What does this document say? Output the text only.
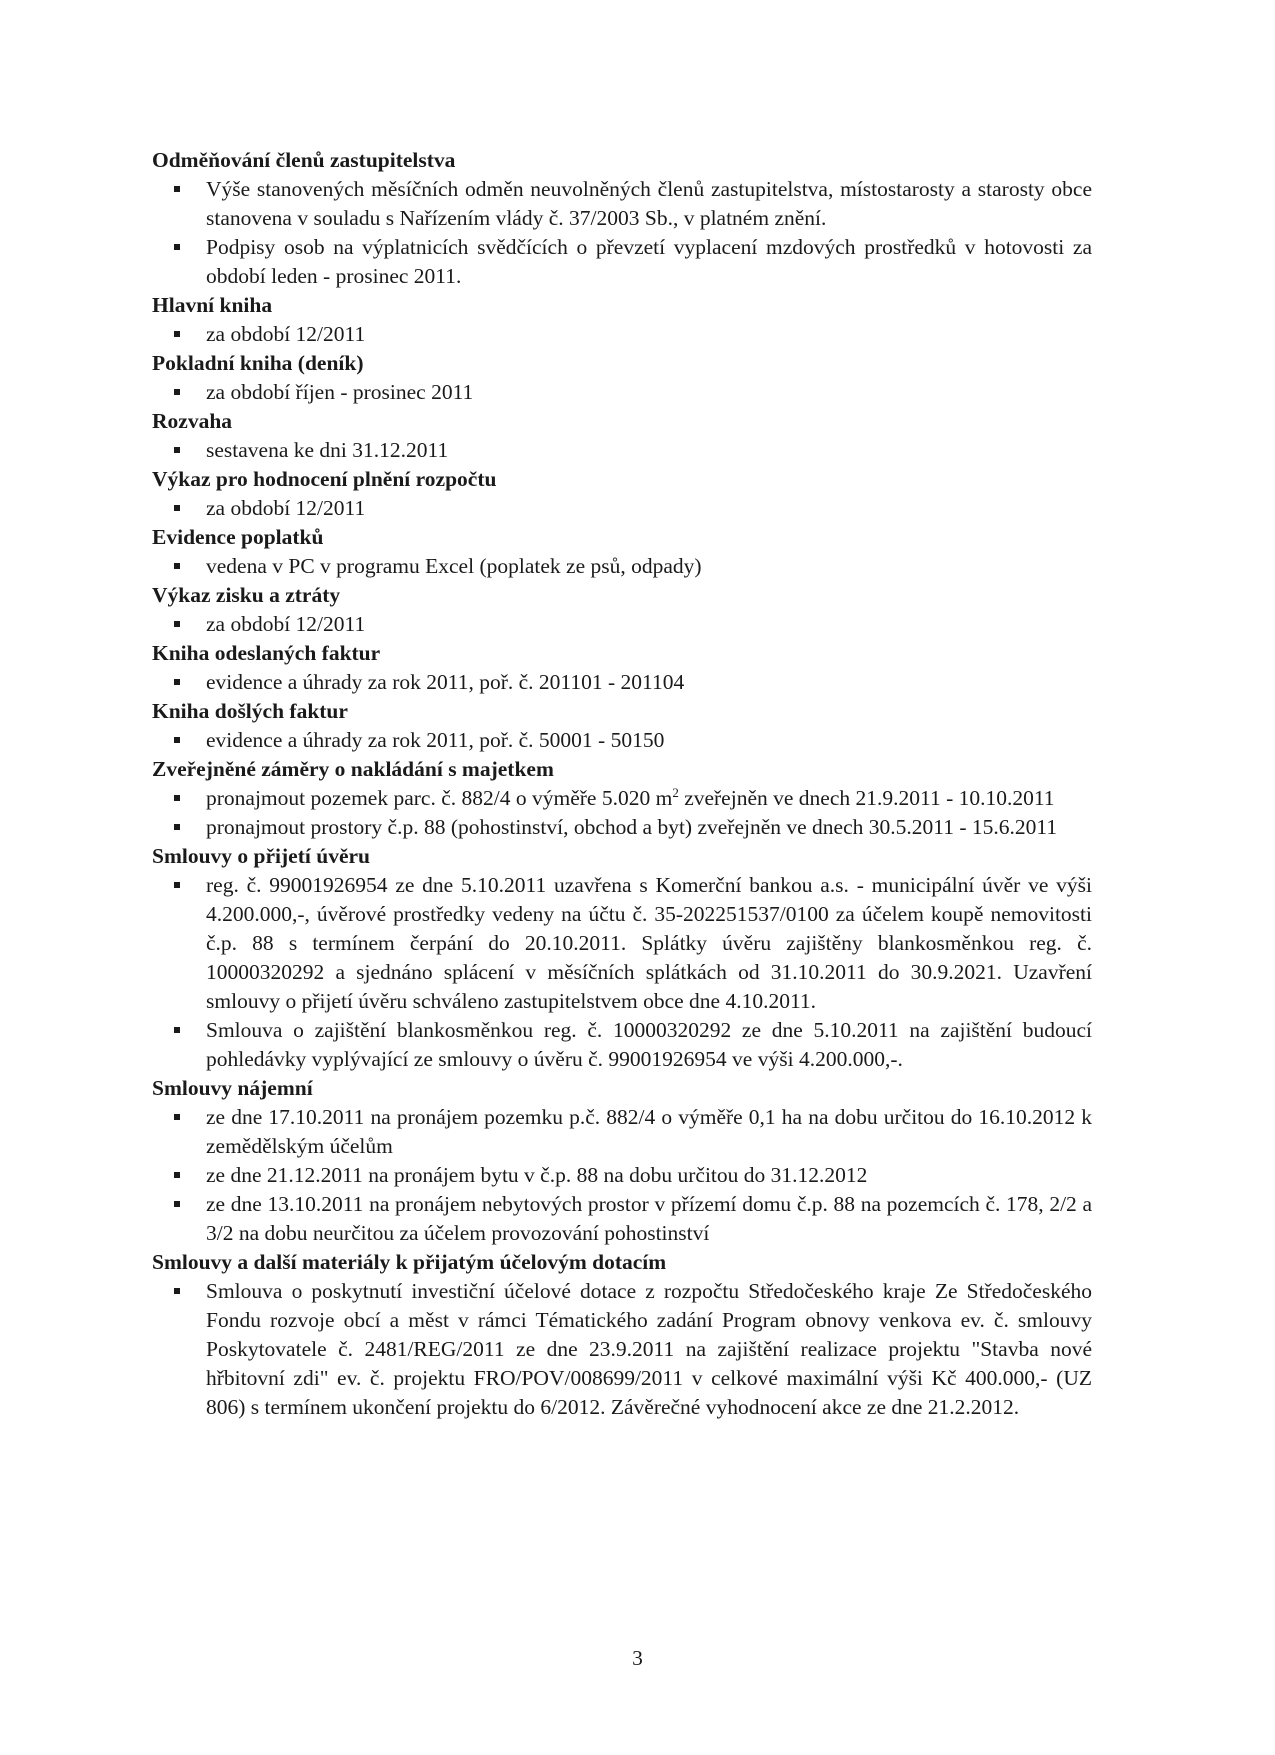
Odměňování členů zastupitelstva

Výše stanovených měsíčních odměn neuvolněných členů zastupitelstva, místostarosty a starosty obce stanovena v souladu s Nařízením vlády č. 37/2003 Sb., v platném znění.
Podpisy osob na výplatnicích svědčících o převzetí vyplacení mzdových prostředků v hotovosti za období leden - prosinec 2011.

Hlavní kniha

za období 12/2011

Pokladní kniha (deník)

za období říjen - prosinec 2011

Rozvaha

sestavena ke dni 31.12.2011

Výkaz pro hodnocení plnění rozpočtu

za období 12/2011

Evidence poplatků

vedena v PC v programu Excel (poplatek ze psů, odpady)

Výkaz zisku a ztráty

za období 12/2011

Kniha odeslaných faktur

evidence a úhrady za rok 2011, poř. č. 201101 - 201104

Kniha došlých faktur

evidence a úhrady za rok 2011, poř. č. 50001 - 50150

Zveřejněné záměry o nakládání s majetkem

pronajmout pozemek parc. č. 882/4 o výměře 5.020 $m^2$ zveřejněn ve dnech 21.9.2011 - 10.10.2011
pronajmout prostory č.p. 88 (pohostinství, obchod a byt) zveřejněn ve dnech 30.5.2011 - 15.6.2011

Smlouvy o přijetí úvěru

reg. č. 99001926954 ze dne 5.10.2011 uzavřena s Komerční bankou a.s. - municipální úvěr ve výši 4.200.000,-, úvěrové prostředky vedeny na účtu č. 35-202251537/0100 za účelem koupě nemovitosti č.p. 88 s termínem čerpání do 20.10.2011. Splátky úvěru zajištěny blankosměnkou reg. č. 10000320292 a sjednáno splácení v měsíčních splátkách od 31.10.2011 do 30.9.2021. Uzavření smlouvy o přijetí úvěru schváleno zastupitelstvem obce dne 4.10.2011.
Smlouva o zajištění blankosměnkou reg. č. 10000320292 ze dne 5.10.2011 na zajištění budoucí pohledávky vyplývající ze smlouvy o úvěru č. 99001926954 ve výši 4.200.000,-.

Smlouvy nájemní

ze dne 17.10.2011 na pronájem pozemku p.č. 882/4 o výměře 0,1 ha na dobu určitou do 16.10.2012 k zemědělským účelům
ze dne 21.12.2011 na pronájem bytu v č.p. 88 na dobu určitou do 31.12.2012
ze dne 13.10.2011 na pronájem nebytových prostor v přízemí domu č.p. 88 na pozemcích č. 178, 2/2 a 3/2 na dobu neurčitou za účelem provozování pohostinství

Smlouvy a další materiály k přijatým účelovým dotacím

Smlouva o poskytnutí investiční účelové dotace z rozpočtu Středočeského kraje Ze Středočeského Fondu rozvoje obcí a měst v rámci Tématického zadání Program obnovy venkova ev. č. smlouvy Poskytovatele č. 2481/REG/2011 ze dne 23.9.2011 na zajištění realizace projektu "Stavba nové hřbitovní zdi" ev. č. projektu FRO/POV/008699/2011 v celkové maximální výši Kč 400.000,- (UZ 806) s termínem ukončení projektu do 6/2012. Závěrečné vyhodnocení akce ze dne 21.2.2012.
3
